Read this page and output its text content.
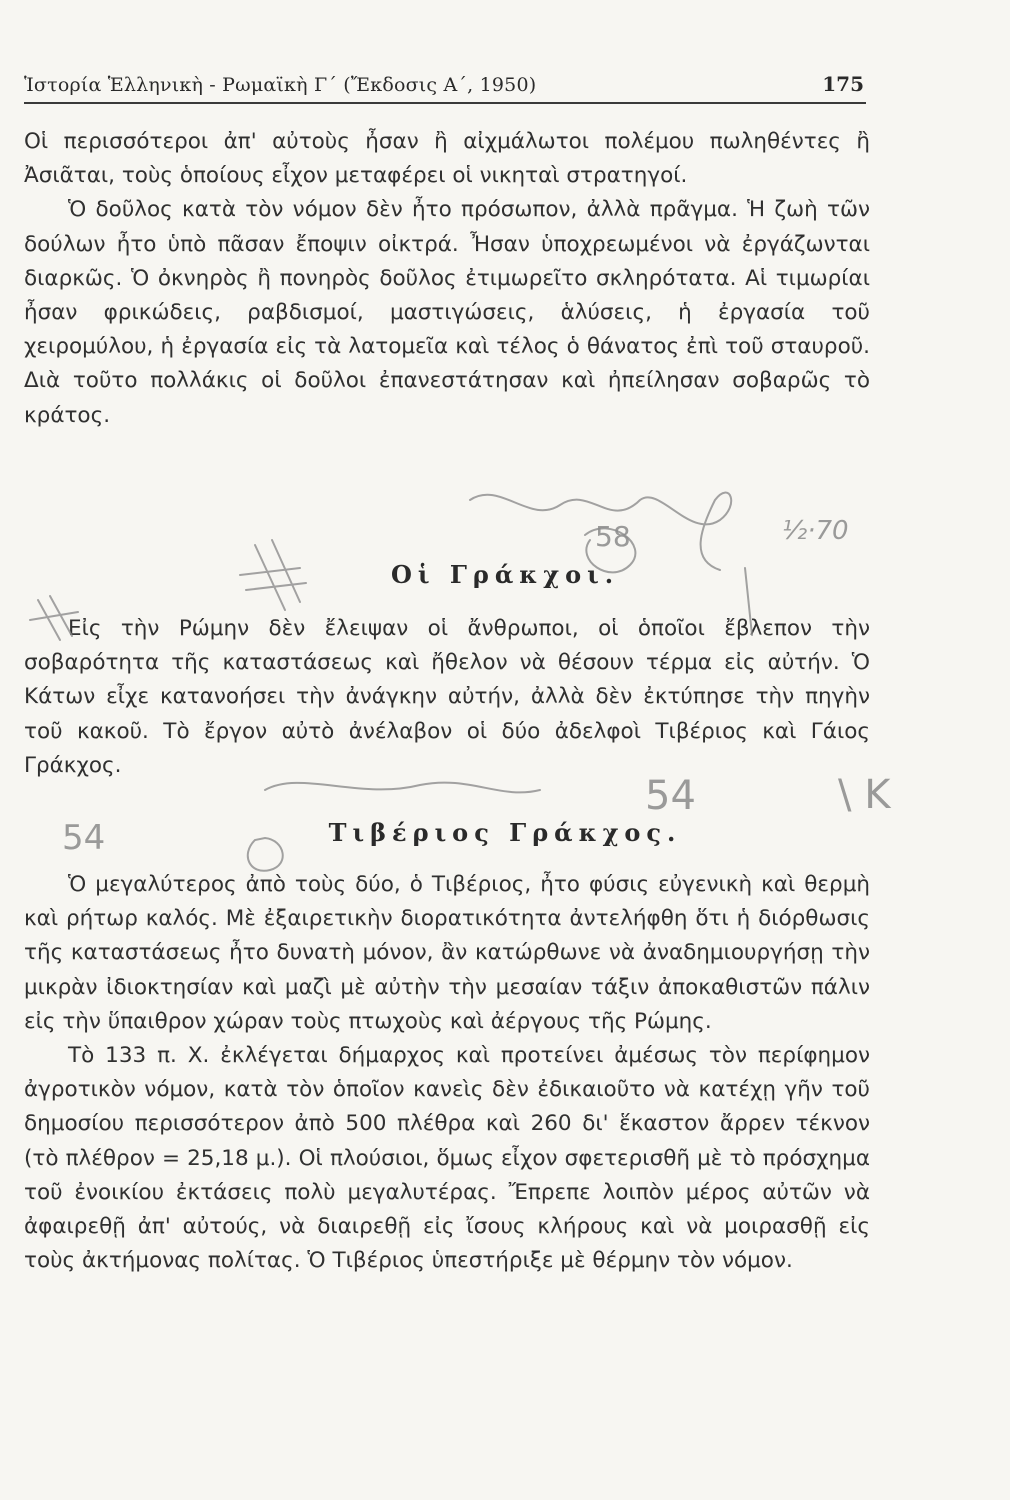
Ἱστορία Ἑλληνικὴ - Ρωμαϊκὴ Γ΄ (Ἔκδοσις Α΄, 1950)	175

Οἱ περισσότεροι ἀπ' αὐτοὺς ἦσαν ἢ αἰχμάλωτοι πολέμου πωληθέντες ἢ Ἀσιᾶται, τοὺς ὁποίους εἶχον μεταφέρει οἱ νικηταὶ στρατηγοί.

Ὁ δοῦλος κατὰ τὸν νόμον δὲν ἦτο πρόσωπον, ἀλλὰ πρᾶγμα. Ἡ ζωὴ τῶν δούλων ἦτο ὑπὸ πᾶσαν ἔποψιν οἰκτρά. Ἦσαν ὑποχρεωμένοι νὰ ἐργάζωνται διαρκῶς. Ὁ ὀκνηρὸς ἢ πονηρὸς δοῦλος ἐτιμωρεῖτο σκληρότατα. Αἱ τιμωρίαι ἦσαν φρικώδεις, ραβδισμοί, μαστιγώσεις, ἁλύσεις, ἡ ἐργασία τοῦ χειρομύλου, ἡ ἐργασία εἰς τὰ λατομεῖα καὶ τέλος ὁ θάνατος ἐπὶ τοῦ σταυροῦ. Διὰ τοῦτο πολλάκις οἱ δοῦλοι ἐπανεστάτησαν καὶ ἠπείλησαν σοβαρῶς τὸ κράτος.

Οἱ Γράκχοι.

Εἰς τὴν Ρώμην δὲν ἔλειψαν οἱ ἄνθρωποι, οἱ ὁποῖοι ἔβλεπον τὴν σοβαρότητα τῆς καταστάσεως καὶ ἤθελον νὰ θέσουν τέρμα εἰς αὐτήν. Ὁ Κάτων εἶχε κατανοήσει τὴν ἀνάγκην αὐτήν, ἀλλὰ δὲν ἐκτύπησε τὴν πηγὴν τοῦ κακοῦ. Τὸ ἔργον αὐτὸ ἀνέλαβον οἱ δύο ἀδελφοὶ Τιβέριος καὶ Γάιος Γράκχος.

Τιβέριος Γράκχος.

Ὁ μεγαλύτερος ἀπὸ τοὺς δύο, ὁ Τιβέριος, ἦτο φύσις εὐγενικὴ καὶ θερμὴ καὶ ρήτωρ καλός. Μὲ ἐξαιρετικὴν διορατικότητα ἀντελήφθη ὅτι ἡ διόρθωσις τῆς καταστάσεως ἦτο δυνατὴ μόνον, ἂν κατώρθωνε νὰ ἀναδημιουργήσῃ τὴν μικρὰν ἰδιοκτησίαν καὶ μαζὶ μὲ αὐτὴν τὴν μεσαίαν τάξιν ἀποκαθιστῶν πάλιν εἰς τὴν ὕπαιθρον χώραν τοὺς πτωχοὺς καὶ ἀέργους τῆς Ρώμης.

Τὸ 133 π. Χ. ἐκλέγεται δήμαρχος καὶ προτείνει ἀμέσως τὸν περίφημον ἀγροτικὸν νόμον, κατὰ τὸν ὁποῖον κανεὶς δὲν ἐδικαιοῦτο νὰ κατέχῃ γῆν τοῦ δημοσίου περισσότερον ἀπὸ 500 πλέθρα καὶ 260 δι' ἕκαστον ἄρρεν τέκνον (τὸ πλέθρον = 25,18 μ.). Οἱ πλούσιοι, ὅμως εἶχον σφετερισθῆ μὲ τὸ πρόσχημα τοῦ ἐνοικίου ἐκτάσεις πολὺ μεγαλυτέρας. Ἔπρεπε λοιπὸν μέρος αὐτῶν νὰ ἀφαιρεθῇ ἀπ' αὐτούς, νὰ διαιρεθῇ εἰς ἴσους κλήρους καὶ νὰ μοιρασθῇ εἰς τοὺς ἀκτήμονας πολίτας. Ὁ Τιβέριος ὑπεστήριξε μὲ θέρμην τὸν νόμον.

54
54	\ K
½·70
58
